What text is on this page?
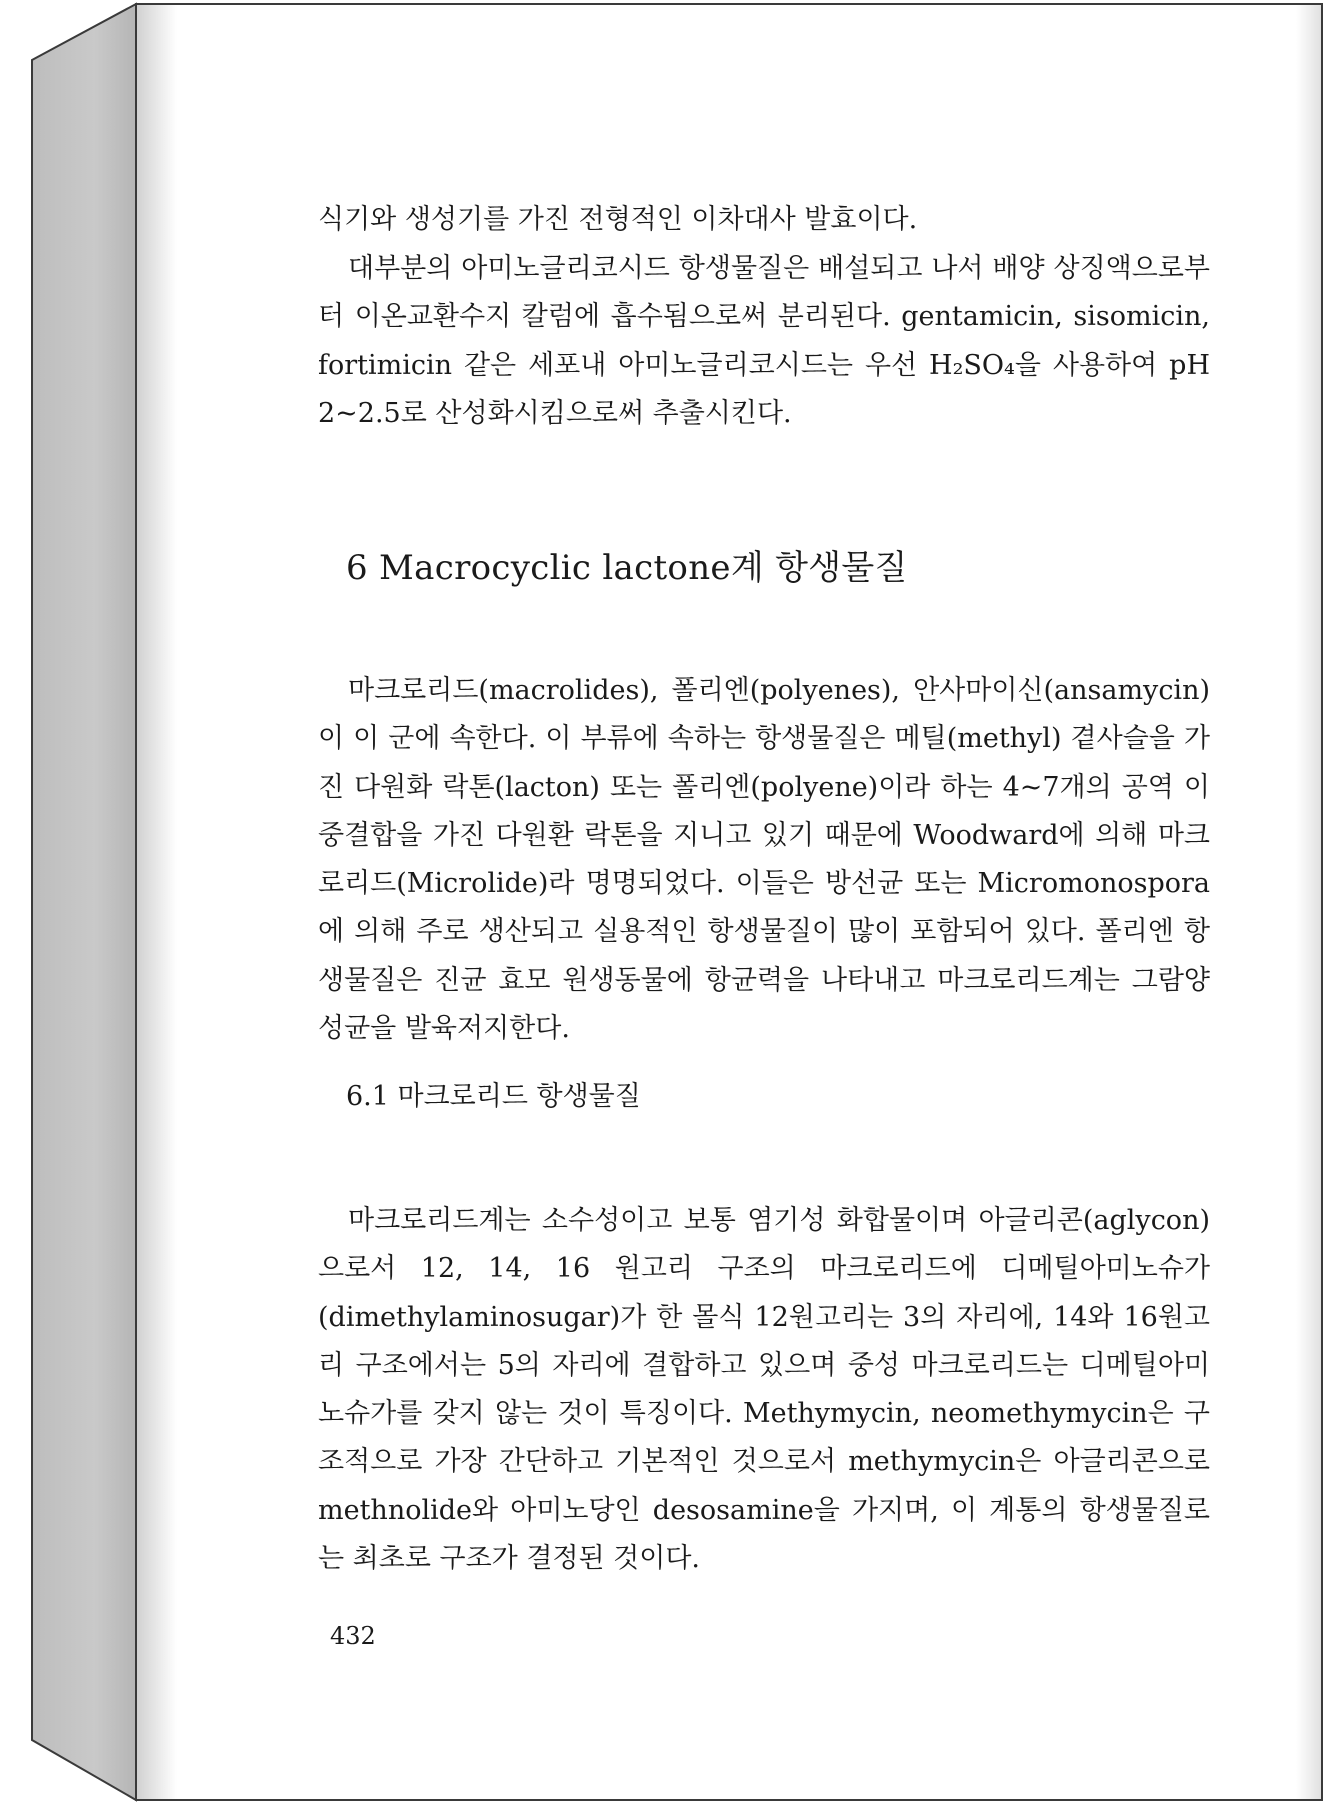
식기와 생성기를 가진 전형적인 이차대사 발효이다.

대부분의 아미노글리코시드 항생물질은 배설되고 나서 배양 상징액으로부터 이온교환수지 칼럼에 흡수됨으로써 분리된다. gentamicin, sisomicin, fortimicin 같은 세포내 아미노글리코시드는 우선 H₂SO₄을 사용하여 pH 2~2.5로 산성화시킴으로써 추출시킨다.

6 Macrocyclic lactone계 항생물질

마크로리드(macrolides), 폴리엔(polyenes), 안사마이신(ansamycin)이 이 군에 속한다. 이 부류에 속하는 항생물질은 메틸(methyl) 곁사슬을 가진 다원화 락톤(lacton) 또는 폴리엔(polyene)이라 하는 4~7개의 공역 이중결합을 가진 다원환 락톤을 지니고 있기 때문에 Woodward에 의해 마크로리드(Microlide)라 명명되었다. 이들은 방선균 또는 Micromonospora에 의해 주로 생산되고 실용적인 항생물질이 많이 포함되어 있다. 폴리엔 항생물질은 진균 효모 원생동물에 항균력을 나타내고 마크로리드계는 그람양성균을 발육저지한다.

6.1 마크로리드 항생물질

마크로리드계는 소수성이고 보통 염기성 화합물이며 아글리콘(aglycon)으로서 12, 14, 16 원고리 구조의 마크로리드에 디메틸아미노슈가(dimethylaminosugar)가 한 몰식 12원고리는 3의 자리에, 14와 16원고리 구조에서는 5의 자리에 결합하고 있으며 중성 마크로리드는 디메틸아미노슈가를 갖지 않는 것이 특징이다. Methymycin, neomethymycin은 구조적으로 가장 간단하고 기본적인 것으로서 methymycin은 아글리콘으로 methnolide와 아미노당인 desosamine을 가지며, 이 계통의 항생물질로는 최초로 구조가 결정된 것이다.

432
